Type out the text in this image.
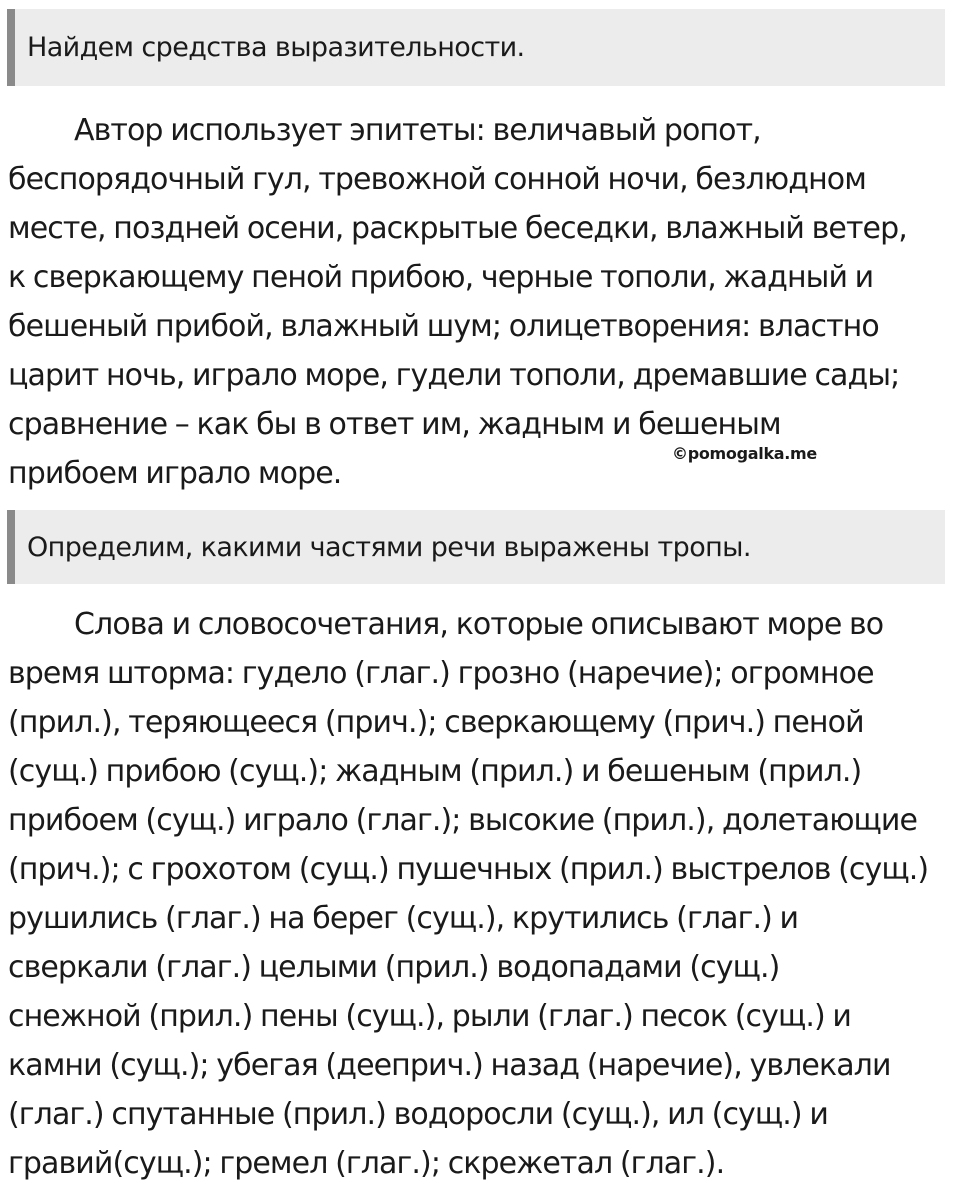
Найдем средства выразительности.
Автор использует эпитеты: величавый ропот,
беспорядочный гул, тревожной сонной ночи, безлюдном
месте, поздней осени, раскрытые беседки, влажный ветер,
к сверкающему пеной прибою, черные тополи, жадный и
бешеный прибой, влажный шум; олицетворения: властно
царит ночь, играло море, гудели тополи, дремавшие сады;
сравнение – как бы в ответ им, жадным и бешеным
прибоем играло море.
©pomogalka.me
Определим, какими частями речи выражены тропы.
Слова и словосочетания, которые описывают море во
время шторма: гудело (глаг.) грозно (наречие); огромное
(прил.), теряющееся (прич.); сверкающему (прич.) пеной
(сущ.) прибою (сущ.); жадным (прил.) и бешеным (прил.)
прибоем (сущ.) играло (глаг.); высокие (прил.), долетающие
(прич.); с грохотом (сущ.) пушечных (прил.) выстрелов (сущ.)
рушились (глаг.) на берег (сущ.), крутились (глаг.) и
сверкали (глаг.) целыми (прил.) водопадами (сущ.)
снежной (прил.) пены (сущ.), рыли (глаг.) песок (сущ.) и
камни (сущ.); убегая (дееприч.) назад (наречие), увлекали
(глаг.) спутанные (прил.) водоросли (сущ.), ил (сущ.) и
гравий(сущ.); гремел (глаг.); скрежетал (глаг.).
